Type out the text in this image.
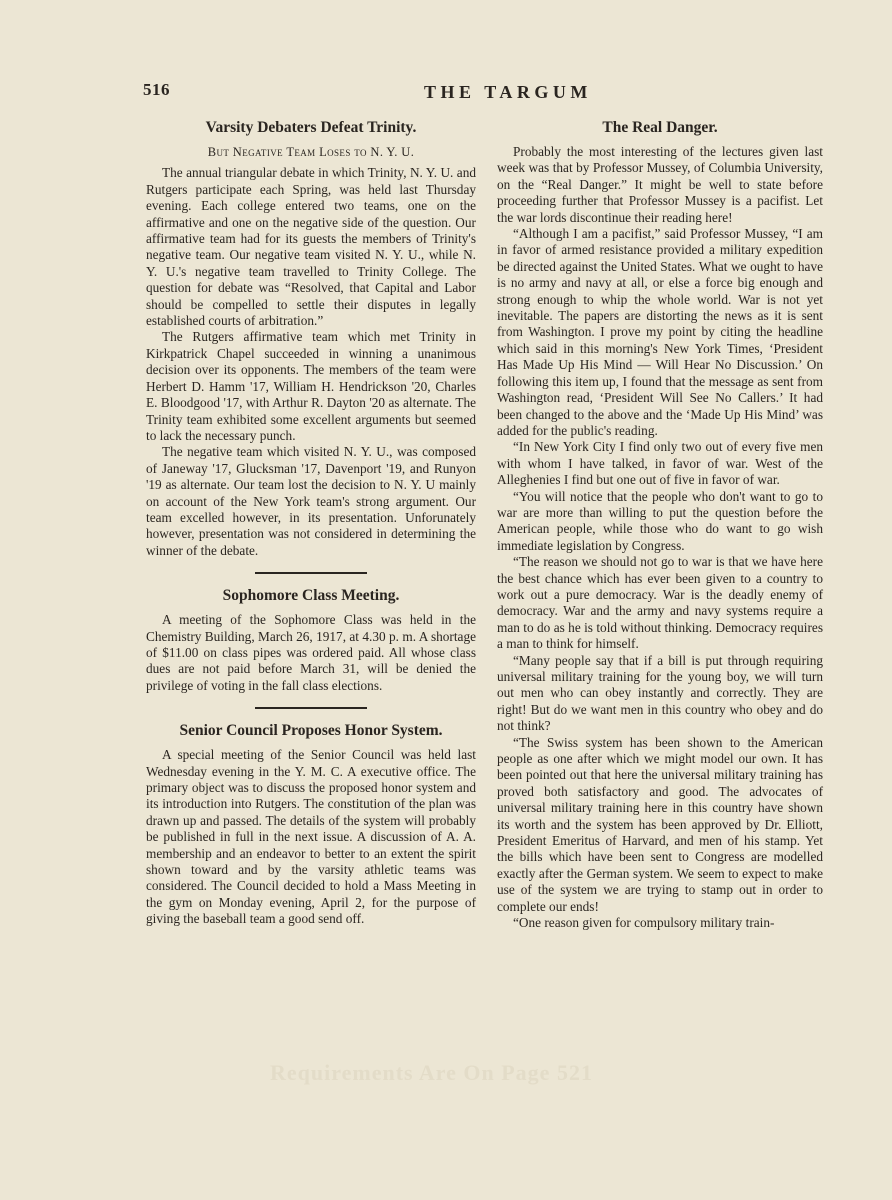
516	THE TARGUM
Varsity Debaters Defeat Trinity.
But Negative Team Loses to N. Y. U.

The annual triangular debate in which Trinity, N. Y. U. and Rutgers participate each Spring, was held last Thursday evening. Each college entered two teams, one on the affirmative and one on the negative side of the question. Our affirmative team had for its guests the members of Trinity's negative team. Our negative team visited N. Y. U., while N. Y. U.'s negative team travelled to Trinity College. The question for debate was “Resolved, that Capital and Labor should be compelled to settle their disputes in legally established courts of arbitration.”

The Rutgers affirmative team which met Trinity in Kirkpatrick Chapel succeeded in winning a unanimous decision over its opponents. The members of the team were Herbert D. Hamm '17, William H. Hendrickson '20, Charles E. Bloodgood '17, with Arthur R. Dayton '20 as alternate. The Trinity team exhibited some excellent arguments but seemed to lack the necessary punch.

The negative team which visited N. Y. U., was composed of Janeway '17, Glucksman '17, Davenport '19, and Runyon '19 as alternate. Our team lost the decision to N. Y. U mainly on account of the New York team's strong argument. Our team excelled however, in its presentation. Unforunately however, presentation was not considered in determining the winner of the debate.

Sophomore Class Meeting.

A meeting of the Sophomore Class was held in the Chemistry Building, March 26, 1917, at 4.30 p. m. A shortage of $11.00 on class pipes was ordered paid. All whose class dues are not paid before March 31, will be denied the privilege of voting in the fall class elections.

Senior Council Proposes Honor System.

A special meeting of the Senior Council was held last Wednesday evening in the Y. M. C. A executive office. The primary object was to discuss the proposed honor system and its introduction into Rutgers. The constitution of the plan was drawn up and passed. The details of the system will probably be published in full in the next issue. A discussion of A. A. membership and an endeavor to better to an extent the spirit shown toward and by the varsity athletic teams was considered. The Council decided to hold a Mass Meeting in the gym on Monday evening, April 2, for the purpose of giving the baseball team a good send off.

The Real Danger.

Probably the most interesting of the lectures given last week was that by Professor Mussey, of Columbia University, on the “Real Danger.” It might be well to state before proceeding further that Professor Mussey is a pacifist. Let the war lords discontinue their reading here!

“Although I am a pacifist,” said Professor Mussey, “I am in favor of armed resistance provided a military expedition be directed against the United States. What we ought to have is no army and navy at all, or else a force big enough and strong enough to whip the whole world. War is not yet inevitable. The papers are distorting the news as it is sent from Washington. I prove my point by citing the headline which said in this morning's New York Times, ‘President Has Made Up His Mind — Will Hear No Discussion.’ On following this item up, I found that the message as sent from Washington read, ‘President Will See No Callers.’ It had been changed to the above and the ‘Made Up His Mind’ was added for the public's reading.

“In New York City I find only two out of every five men with whom I have talked, in favor of war. West of the Alleghenies I find but one out of five in favor of war.

“You will notice that the people who don't want to go to war are more than willing to put the question before the American people, while those who do want to go wish immediate legislation by Congress.

“The reason we should not go to war is that we have here the best chance which has ever been given to a country to work out a pure democracy. War is the deadly enemy of democracy. War and the army and navy systems require a man to do as he is told without thinking. Democracy requires a man to think for himself.

“Many people say that if a bill is put through requiring universal military training for the young boy, we will turn out men who can obey instantly and correctly. They are right! But do we want men in this country who obey and do not think?

“The Swiss system has been shown to the American people as one after which we might model our own. It has been pointed out that here the universal military training has proved both satisfactory and good. The advocates of universal military training here in this country have shown its worth and the system has been approved by Dr. Elliott, President Emeritus of Harvard, and men of his stamp. Yet the bills which have been sent to Congress are modelled exactly after the German system. We seem to expect to make use of the system we are trying to stamp out in order to complete our ends!

“One reason given for compulsory military train-

Requirements Are On Page 521
